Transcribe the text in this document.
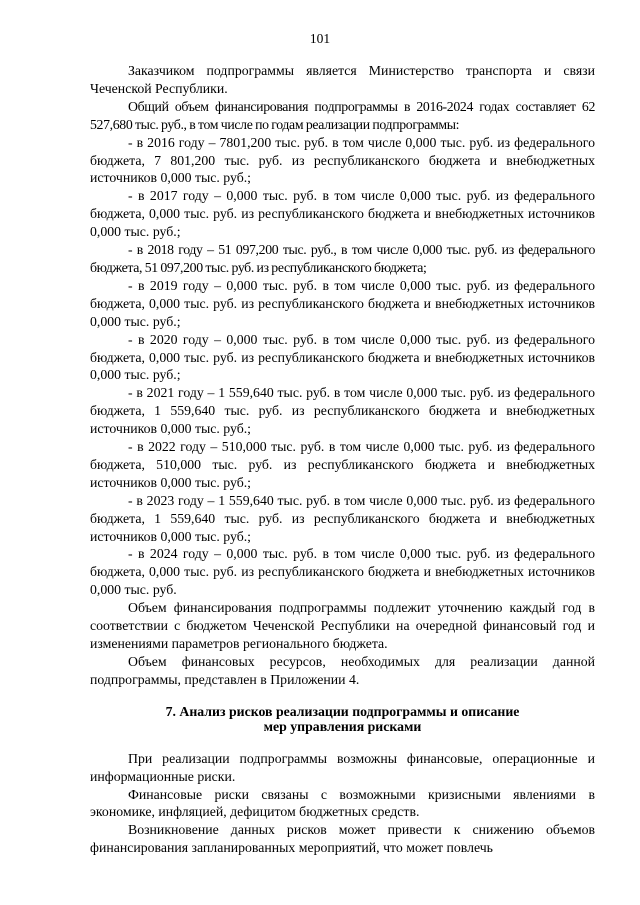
101

Заказчиком подпрограммы является Министерство транспорта и связи Чеченской Республики.

Общий объем финансирования подпрограммы в 2016-2024 годах составляет 62 527,680 тыс. руб., в том числе по годам реализации подпрограммы:

- в 2016 году – 7801,200 тыс. руб. в том числе 0,000 тыс. руб. из федерального бюджета, 7 801,200 тыс. руб. из республиканского бюджета и внебюджетных источников 0,000 тыс. руб.;

- в 2017 году – 0,000 тыс. руб. в том числе 0,000 тыс. руб. из федерального бюджета, 0,000 тыс. руб. из республиканского бюджета и внебюджетных источников 0,000 тыс. руб.;

- в 2018 году – 51 097,200 тыс. руб., в том числе 0,000 тыс. руб. из федерального бюджета, 51 097,200 тыс. руб. из республиканского бюджета;

- в 2019 году – 0,000 тыс. руб. в том числе 0,000 тыс. руб. из федерального бюджета, 0,000 тыс. руб. из республиканского бюджета и внебюджетных источников 0,000 тыс. руб.;

- в 2020 году – 0,000 тыс. руб. в том числе 0,000 тыс. руб. из федерального бюджета, 0,000 тыс. руб. из республиканского бюджета и внебюджетных источников 0,000 тыс. руб.;

- в 2021 году – 1 559,640 тыс. руб. в том числе 0,000 тыс. руб. из федерального бюджета, 1 559,640 тыс. руб. из республиканского бюджета и внебюджетных источников 0,000 тыс. руб.;

- в 2022 году – 510,000 тыс. руб. в том числе 0,000 тыс. руб. из федерального бюджета, 510,000 тыс. руб. из республиканского бюджета и внебюджетных источников 0,000 тыс. руб.;

- в 2023 году – 1 559,640 тыс. руб. в том числе 0,000 тыс. руб. из федерального бюджета, 1 559,640 тыс. руб. из республиканского бюджета и внебюджетных источников 0,000 тыс. руб.;

- в 2024 году – 0,000 тыс. руб. в том числе 0,000 тыс. руб. из федерального бюджета, 0,000 тыс. руб. из республиканского бюджета и внебюджетных источников 0,000 тыс. руб.

Объем финансирования подпрограммы подлежит уточнению каждый год в соответствии с бюджетом Чеченской Республики на очередной финансовый год и изменениями параметров регионального бюджета.

Объем финансовых ресурсов, необходимых для реализации данной подпрограммы, представлен в Приложении 4.

7. Анализ рисков реализации подпрограммы и описание
мер управления рисками

При реализации подпрограммы возможны финансовые, операционные и информационные риски.

Финансовые риски связаны с возможными кризисными явлениями в экономике, инфляцией, дефицитом бюджетных средств.

Возникновение данных рисков может привести к снижению объемов финансирования запланированных мероприятий, что может повлечь
